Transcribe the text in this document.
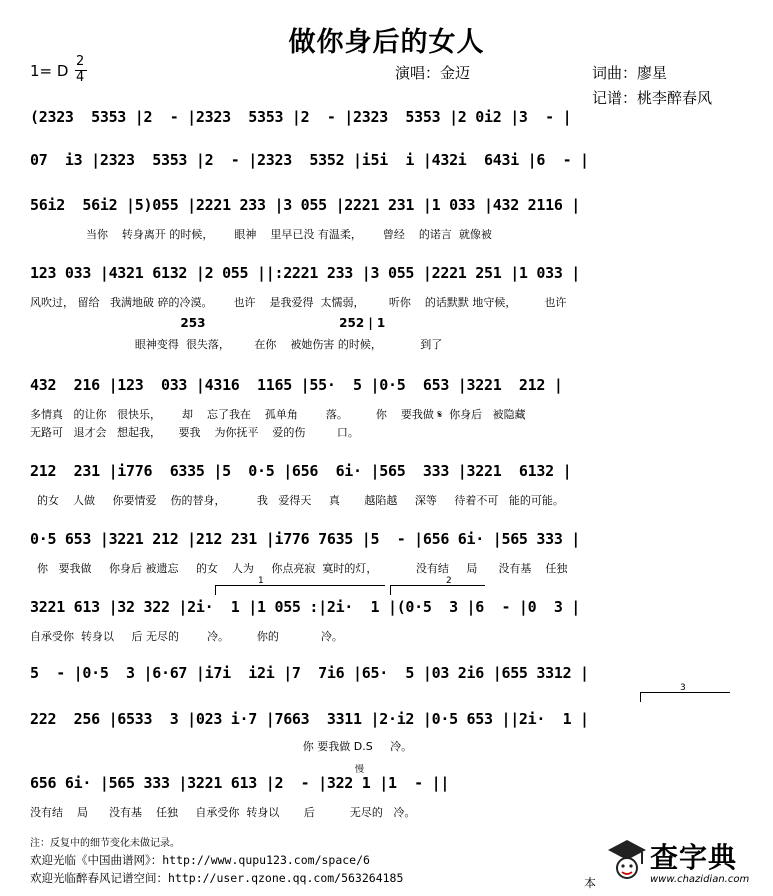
做你身后的女人
1= D
2
4	演唱：金迈	词曲：廖星
记谱：桃李醉春风
(2323  5353 |2  - |2323  5353 |2  - |2323  5353 |2 0i2 |3  - |
07  i3 |2323  5353 |2  - |2323  5352 |i5i  i |432i  643i |6  - |
56i2  56i2 |5)055 |2221 233 |3 055 |2221 231 |1 033 |432 2116 |
当你    转身离开 的时候，      眼神    里早已没 有温柔，      曾经    的诺言  就像被
123 033 |4321 6132 |2 055 ||:2221 233 |3 055 |2221 251 |1 033 |
风吹过， 留给   我满地破 碎的冷漠。      也许    是我爱得  太懦弱，       听你    的话默默 地守候，        也许
253                                252 | 1
眼神变得  很失落，       在你    被她伤害 的时候，           到了
432  216 |123  033 |4316  1165 |55·  5 |0·5  653 |3221  212 |
多情真   的让你   很快乐，      却    忘了我在    孤单角        落。        你    要我做 𝄋  你身后   被隐藏
无路可   退才会   想起我，     要我    为你抚平    爱的伤         口。
212  231 |i776  6335 |5  0·5 |656  6i· |565  333 |3221  6132 |
的女    人做     你要情爱    伤的替身，         我   爱得天     真       越陷越     深等     待着不可   能的可能。
0·5 653 |3221 212 |212 231 |i776 7635 |5  - |656 6i· |565 333 |
你   要我做     你身后 被遗忘     的女    人为     你点亮寂  寞时的灯，           没有结     局      没有基    任独
1	2
3221 613 |32 322 |2i·  1 |1 055 :|2i·  1 |(0·5  3 |6  - |0  3 |
自承受你  转身以     后 无尽的        冷。        你的            冷。
5  - |0·5  3 |6·67 |i7i  i2i |7  7i6 |65·  5 |03 2i6 |655 3312 |
3
222  256 |6533  3 |023 i·7 |7663  3311 |2·i2 |0·5 653 ||2i·  1 |
你 要我做 D.S     冷。
慢
656 6i· |565 333 |3221 613 |2  - |322 1 |1  - ||
没有结    局      没有基    任独     自承受你  转身以       后          无尽的   冷。
注：反复中的细节变化未做记录。
欢迎光临《中国曲谱网》：http://www.qupu123.com/space/6
欢迎光临醉春风记谱空间：http://user.qzone.qq.com/563264185	本
查字典
www.chazidian.com
